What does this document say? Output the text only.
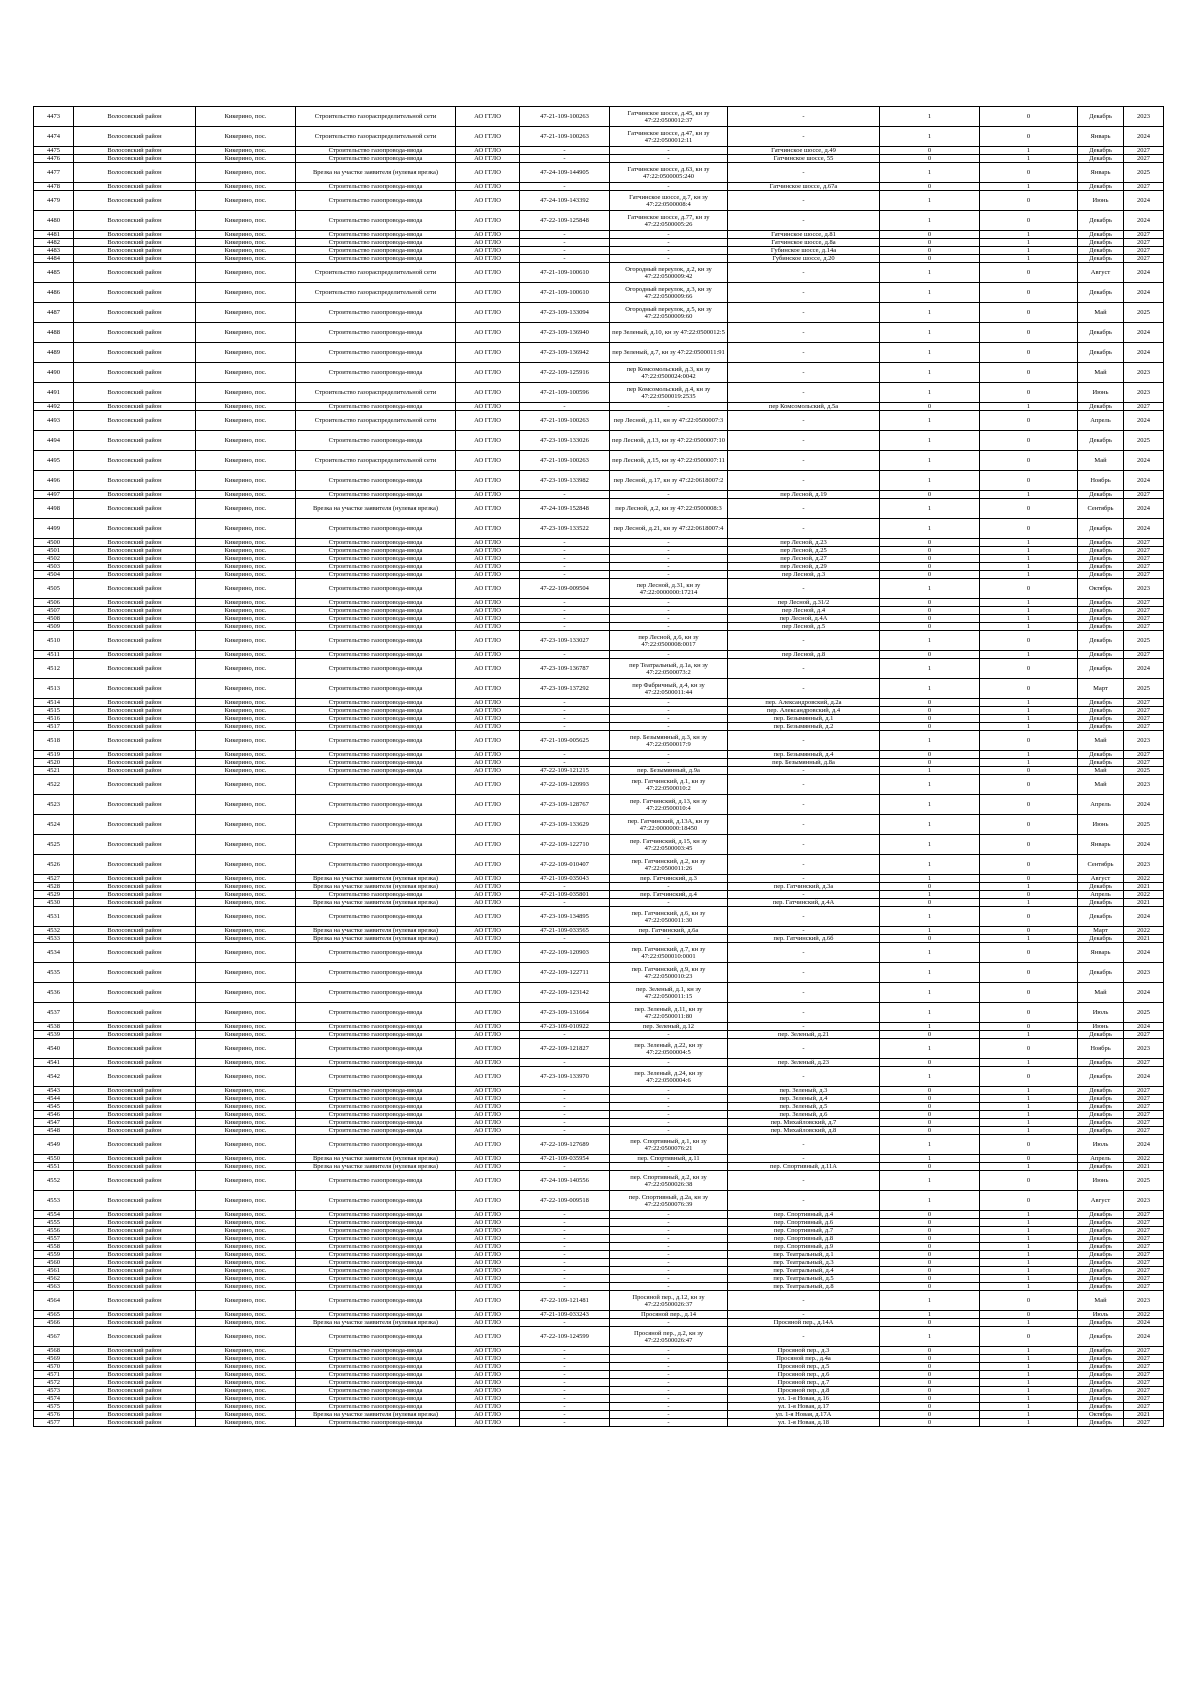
4473	Волосовский район	Кикерино, пос.	Строительство газораспределительной сети	АО ГГЛО	47-21-109-100263	Гатчинское шоссе, д.45, кн зу 47:22:0500012:37	-	1	0	Декабрь	2023
4474	Волосовский район	Кикерино, пос.	Строительство газораспределительной сети	АО ГГЛО	47-21-109-100263	Гатчинское шоссе, д.47, кн зу 47:22:0500012:11	-	1	0	Январь	2024
4475	Волосовский район	Кикерино, пос.	Строительство газопровода-ввода	АО ГГЛО	-	-	Гатчинское шоссе, д.49	0	1	Декабрь	2027
4476	Волосовский район	Кикерино, пос.	Строительство газопровода-ввода	АО ГГЛО	-	-	Гатчинское шоссе, 55	0	1	Декабрь	2027
4477	Волосовский район	Кикерино, пос.	Врезка на участке заявителя (нулевая врезка)	АО ГГЛО	47-24-109-144905	Гатчинское шоссе, д.63, кн зу 47:22:0500005:240	-	1	0	Январь	2025
4478	Волосовский район	Кикерино, пос.	Строительство газопровода-ввода	АО ГГЛО	-	-	Гатчинское шоссе, д.67а	0	1	Декабрь	2027
4479	Волосовский район	Кикерино, пос.	Строительство газопровода-ввода	АО ГГЛО	47-24-109-143392	Гатчинское шоссе, д.7, кн зу 47:22:0500008:4	-	1	0	Июнь	2024
4480	Волосовский район	Кикерино, пос.	Строительство газопровода-ввода	АО ГГЛО	47-22-109-125848	Гатчинское шоссе, д.77, кн зу 47:22:0500005:26	-	1	0	Декабрь	2024
4481	Волосовский район	Кикерино, пос.	Строительство газопровода-ввода	АО ГГЛО	-	-	Гатчинское шоссе, д.81	0	1	Декабрь	2027
4482	Волосовский район	Кикерино, пос.	Строительство газопровода-ввода	АО ГГЛО	-	-	Гатчинское шоссе, д.8а	0	1	Декабрь	2027
4483	Волосовский район	Кикерино, пос.	Строительство газопровода-ввода	АО ГГЛО	-	-	Губинское шоссе, д.14а	0	1	Декабрь	2027
4484	Волосовский район	Кикерино, пос.	Строительство газопровода-ввода	АО ГГЛО	-	-	Губинское шоссе, д.20	0	1	Декабрь	2027
4485	Волосовский район	Кикерино, пос.	Строительство газораспределительной сети	АО ГГЛО	47-21-109-100610	Огородный переулок, д.2, кн зу 47:22:0500009:42	-	1	0	Август	2024
4486	Волосовский район	Кикерино, пос.	Строительство газораспределительной сети	АО ГГЛО	47-21-109-100610	Огородный переулок, д.3, кн зу 47:22:0500009:66	-	1	0	Декабрь	2024
4487	Волосовский район	Кикерино, пос.	Строительство газопровода-ввода	АО ГГЛО	47-23-109-133094	Огородный переулок, д.5, кн зу 47:22:0500009:60	-	1	0	Май	2025
4488	Волосовский район	Кикерино, пос.	Строительство газопровода-ввода	АО ГГЛО	47-23-109-136940	пер Зеленый, д.10, кн зу 47:22:0500012:5	-	1	0	Декабрь	2024
4489	Волосовский район	Кикерино, пос.	Строительство газопровода-ввода	АО ГГЛО	47-23-109-136942	пер Зеленый, д.7, кн зу 47:22:0500011:91	-	1	0	Декабрь	2024
4490	Волосовский район	Кикерино, пос.	Строительство газопровода-ввода	АО ГГЛО	47-22-109-125916	пер Комсомольский, д.3, кн зу 47:22:0500024:0042	-	1	0	Май	2023
4491	Волосовский район	Кикерино, пос.	Строительство газораспределительной сети	АО ГГЛО	47-21-109-100596	пер Комсомольский, д.4, кн зу 47:22:0500019:2535	-	1	0	Июнь	2023
4492	Волосовский район	Кикерино, пос.	Строительство газопровода-ввода	АО ГГЛО	-	-	пер Комсомольский, д.5а	0	1	Декабрь	2027
4493	Волосовский район	Кикерино, пос.	Строительство газораспределительной сети	АО ГГЛО	47-21-109-100263	пер Лесной, д.11, кн зу 47:22:0500007:3	-	1	0	Апрель	2024
4494	Волосовский район	Кикерино, пос.	Строительство газопровода-ввода	АО ГГЛО	47-23-109-133026	пер Лесной, д.13, кн зу 47:22:0500007:10	-	1	0	Декабрь	2025
4495	Волосовский район	Кикерино, пос.	Строительство газораспределительной сети	АО ГГЛО	47-21-109-100263	пер Лесной, д.15, кн зу 47:22:0500007:11	-	1	0	Май	2024
4496	Волосовский район	Кикерино, пос.	Строительство газопровода-ввода	АО ГГЛО	47-23-109-133982	пер Лесной, д.17, кн зу 47:22:0618007:2	-	1	0	Ноябрь	2024
4497	Волосовский район	Кикерино, пос.	Строительство газопровода-ввода	АО ГГЛО	-	-	пер Лесной, д.19	0	1	Декабрь	2027
4498	Волосовский район	Кикерино, пос.	Врезка на участке заявителя (нулевая врезка)	АО ГГЛО	47-24-109-152848	пер Лесной, д.2, кн зу 47:22:0500008:3	-	1	0	Сентябрь	2024
4499	Волосовский район	Кикерино, пос.	Строительство газопровода-ввода	АО ГГЛО	47-23-109-133522	пер Лесной, д.21, кн зу 47:22:0618007:4	-	1	0	Декабрь	2024
4500	Волосовский район	Кикерино, пос.	Строительство газопровода-ввода	АО ГГЛО	-	-	пер Лесной, д.23	0	1	Декабрь	2027
4501	Волосовский район	Кикерино, пос.	Строительство газопровода-ввода	АО ГГЛО	-	-	пер Лесной, д.25	0	1	Декабрь	2027
4502	Волосовский район	Кикерино, пос.	Строительство газопровода-ввода	АО ГГЛО	-	-	пер Лесной, д.27	0	1	Декабрь	2027
4503	Волосовский район	Кикерино, пос.	Строительство газопровода-ввода	АО ГГЛО	-	-	пер Лесной, д.29	0	1	Декабрь	2027
4504	Волосовский район	Кикерино, пос.	Строительство газопровода-ввода	АО ГГЛО	-	-	пер Лесной, д.3	0	1	Декабрь	2027
4505	Волосовский район	Кикерино, пос.	Строительство газопровода-ввода	АО ГГЛО	47-22-109-009504	пер Лесной, д.31, кн зу 47:22:0000000:17214	-	1	0	Октябрь	2023
4506	Волосовский район	Кикерино, пос.	Строительство газопровода-ввода	АО ГГЛО	-	-	пер Лесной, д.31/2	0	1	Декабрь	2027
4507	Волосовский район	Кикерино, пос.	Строительство газопровода-ввода	АО ГГЛО	-	-	пер Лесной, д.4	0	1	Декабрь	2027
4508	Волосовский район	Кикерино, пос.	Строительство газопровода-ввода	АО ГГЛО	-	-	пер Лесной, д.4А	0	1	Декабрь	2027
4509	Волосовский район	Кикерино, пос.	Строительство газопровода-ввода	АО ГГЛО	-	-	пер Лесной, д.5	0	1	Декабрь	2027
4510	Волосовский район	Кикерино, пос.	Строительство газопровода-ввода	АО ГГЛО	47-23-109-133027	пер Лесной, д.6, кн зу 47:22:0500008:0017	-	1	0	Декабрь	2025
4511	Волосовский район	Кикерино, пос.	Строительство газопровода-ввода	АО ГГЛО	-	-	пер Лесной, д.8	0	1	Декабрь	2027
4512	Волосовский район	Кикерино, пос.	Строительство газопровода-ввода	АО ГГЛО	47-23-109-136787	пер Театральный, д.1а, кн зу 47:22:0500073:2	-	1	0	Декабрь	2024
4513	Волосовский район	Кикерино, пос.	Строительство газопровода-ввода	АО ГГЛО	47-23-109-137292	пер Фабричный, д.4, кн зу 47:22:0500011:44	-	1	0	Март	2025
4514	Волосовский район	Кикерино, пос.	Строительство газопровода-ввода	АО ГГЛО	-	-	пер. Александровский, д.2а	0	1	Декабрь	2027
4515	Волосовский район	Кикерино, пос.	Строительство газопровода-ввода	АО ГГЛО	-	-	пер. Александровский, д.4	0	1	Декабрь	2027
4516	Волосовский район	Кикерино, пос.	Строительство газопровода-ввода	АО ГГЛО	-	-	пер. Безымянный, д.1	0	1	Декабрь	2027
4517	Волосовский район	Кикерино, пос.	Строительство газопровода-ввода	АО ГГЛО	-	-	пер. Безымянный, д.2	0	1	Декабрь	2027
4518	Волосовский район	Кикерино, пос.	Строительство газопровода-ввода	АО ГГЛО	47-21-109-005625	пер. Безымянный, д.3, кн зу 47:22:0500017:9	-	1	0	Май	2023
4519	Волосовский район	Кикерино, пос.	Строительство газопровода-ввода	АО ГГЛО	-	-	пер. Безымянный, д.4	0	1	Декабрь	2027
4520	Волосовский район	Кикерино, пос.	Строительство газопровода-ввода	АО ГГЛО	-	-	пер. Безымянный, д.8а	0	1	Декабрь	2027
4521	Волосовский район	Кикерино, пос.	Строительство газопровода-ввода	АО ГГЛО	47-22-109-121215	пер. Безымянный, д.9а	-	1	0	Май	2025
4522	Волосовский район	Кикерино, пос.	Строительство газопровода-ввода	АО ГГЛО	47-22-109-120993	пер. Гатчинский, д.1, кн зу 47:22:0500010:2	-	1	0	Май	2023
4523	Волосовский район	Кикерино, пос.	Строительство газопровода-ввода	АО ГГЛО	47-23-109-128767	пер. Гатчинский, д.13, кн зу 47:22:0500010:4	-	1	0	Апрель	2024
4524	Волосовский район	Кикерино, пос.	Строительство газопровода-ввода	АО ГГЛО	47-23-109-133629	пер. Гатчинский, д.13А, кн зу 47:22:0000000:18450	-	1	0	Июнь	2025
4525	Волосовский район	Кикерино, пос.	Строительство газопровода-ввода	АО ГГЛО	47-22-109-122710	пер. Гатчинский, д.15, кн зу 47:22:0500003:45	-	1	0	Январь	2024
4526	Волосовский район	Кикерино, пос.	Строительство газопровода-ввода	АО ГГЛО	47-22-109-010407	пер. Гатчинский, д.2, кн зу 47:22:0500011:26	-	1	0	Сентябрь	2023
4527	Волосовский район	Кикерино, пос.	Врезка на участке заявителя (нулевая врезка)	АО ГГЛО	47-21-109-035043	пер. Гатчинский, д.3	-	1	0	Август	2022
4528	Волосовский район	Кикерино, пос.	Врезка на участке заявителя (нулевая врезка)	АО ГГЛО	-	-	пер. Гатчинский, д.3а	0	1	Декабрь	2021
4529	Волосовский район	Кикерино, пос.	Строительство газопровода-ввода	АО ГГЛО	47-21-109-035801	пер. Гатчинский, д.4	-	1	0	Апрель	2022
4530	Волосовский район	Кикерино, пос.	Врезка на участке заявителя (нулевая врезка)	АО ГГЛО	-	-	пер. Гатчинский, д.4А	0	1	Декабрь	2021
4531	Волосовский район	Кикерино, пос.	Строительство газопровода-ввода	АО ГГЛО	47-23-109-134895	пер. Гатчинский, д.6, кн зу 47:22:0500011:30	-	1	0	Декабрь	2024
4532	Волосовский район	Кикерино, пос.	Врезка на участке заявителя (нулевая врезка)	АО ГГЛО	47-21-109-033565	пер. Гатчинский, д.6а	-	1	0	Март	2022
4533	Волосовский район	Кикерино, пос.	Врезка на участке заявителя (нулевая врезка)	АО ГГЛО	-	-	пер. Гатчинский, д.6б	0	1	Декабрь	2021
4534	Волосовский район	Кикерино, пос.	Строительство газопровода-ввода	АО ГГЛО	47-22-109-120903	пер. Гатчинский, д.7, кн зу 47:22:0500010:0001	-	1	0	Январь	2024
4535	Волосовский район	Кикерино, пос.	Строительство газопровода-ввода	АО ГГЛО	47-22-109-122711	пер. Гатчинский, д.9, кн зу 47:22:0500010:23	-	1	0	Декабрь	2023
4536	Волосовский район	Кикерино, пос.	Строительство газопровода-ввода	АО ГГЛО	47-22-109-123142	пер. Зеленый, д.1, кн зу 47:22:0500011:15	-	1	0	Май	2024
4537	Волосовский район	Кикерино, пос.	Строительство газопровода-ввода	АО ГГЛО	47-23-109-131664	пер. Зеленый, д.11, кн зу 47:22:0500011:80	-	1	0	Июль	2025
4538	Волосовский район	Кикерино, пос.	Строительство газопровода-ввода	АО ГГЛО	47-23-109-010922	пер. Зеленый, д.12	-	1	0	Июнь	2024
4539	Волосовский район	Кикерино, пос.	Строительство газопровода-ввода	АО ГГЛО	-	-	пер. Зеленый, д.21	0	1	Декабрь	2027
4540	Волосовский район	Кикерино, пос.	Строительство газопровода-ввода	АО ГГЛО	47-22-109-121827	пер. Зеленый, д.22, кн зу 47:22:0500004:5	-	1	0	Ноябрь	2023
4541	Волосовский район	Кикерино, пос.	Строительство газопровода-ввода	АО ГГЛО	-	-	пер. Зеленый, д.23	0	1	Декабрь	2027
4542	Волосовский район	Кикерино, пос.	Строительство газопровода-ввода	АО ГГЛО	47-23-109-133970	пер. Зеленый, д.24, кн зу 47:22:0500004:6	-	1	0	Декабрь	2024
4543	Волосовский район	Кикерино, пос.	Строительство газопровода-ввода	АО ГГЛО	-	-	пер. Зеленый, д.3	0	1	Декабрь	2027
4544	Волосовский район	Кикерино, пос.	Строительство газопровода-ввода	АО ГГЛО	-	-	пер. Зеленый, д.4	0	1	Декабрь	2027
4545	Волосовский район	Кикерино, пос.	Строительство газопровода-ввода	АО ГГЛО	-	-	пер. Зеленый, д.5	0	1	Декабрь	2027
4546	Волосовский район	Кикерино, пос.	Строительство газопровода-ввода	АО ГГЛО	-	-	пер. Зеленый, д.6	0	1	Декабрь	2027
4547	Волосовский район	Кикерино, пос.	Строительство газопровода-ввода	АО ГГЛО	-	-	пер. Михайловский, д.7	0	1	Декабрь	2027
4548	Волосовский район	Кикерино, пос.	Строительство газопровода-ввода	АО ГГЛО	-	-	пер. Михайловский, д.8	0	1	Декабрь	2027
4549	Волосовский район	Кикерино, пос.	Строительство газопровода-ввода	АО ГГЛО	47-22-109-127689	пер. Спортивный, д.1, кн зу 47:22:0500076:21	-	1	0	Июль	2024
4550	Волосовский район	Кикерино, пос.	Врезка на участке заявителя (нулевая врезка)	АО ГГЛО	47-21-109-035954	пер. Спортивный, д.11	-	1	0	Апрель	2022
4551	Волосовский район	Кикерино, пос.	Врезка на участке заявителя (нулевая врезка)	АО ГГЛО	-	-	пер. Спортивный, д.11А	0	1	Декабрь	2021
4552	Волосовский район	Кикерино, пос.	Строительство газопровода-ввода	АО ГГЛО	47-24-109-140556	пер. Спортивный, д.2, кн зу 47:22:0500026:38	-	1	0	Июнь	2025
4553	Волосовский район	Кикерино, пос.	Строительство газопровода-ввода	АО ГГЛО	47-22-109-009518	пер. Спортивный, д.2а, кн зу 47:22:0500076:39	-	1	0	Август	2023
4554	Волосовский район	Кикерино, пос.	Строительство газопровода-ввода	АО ГГЛО	-	-	пер. Спортивный, д.4	0	1	Декабрь	2027
4555	Волосовский район	Кикерино, пос.	Строительство газопровода-ввода	АО ГГЛО	-	-	пер. Спортивный, д.6	0	1	Декабрь	2027
4556	Волосовский район	Кикерино, пос.	Строительство газопровода-ввода	АО ГГЛО	-	-	пер. Спортивный, д.7	0	1	Декабрь	2027
4557	Волосовский район	Кикерино, пос.	Строительство газопровода-ввода	АО ГГЛО	-	-	пер. Спортивный, д.8	0	1	Декабрь	2027
4558	Волосовский район	Кикерино, пос.	Строительство газопровода-ввода	АО ГГЛО	-	-	пер. Спортивный, д.9	0	1	Декабрь	2027
4559	Волосовский район	Кикерино, пос.	Строительство газопровода-ввода	АО ГГЛО	-	-	пер. Театральный, д.1	0	1	Декабрь	2027
4560	Волосовский район	Кикерино, пос.	Строительство газопровода-ввода	АО ГГЛО	-	-	пер. Театральный, д.3	0	1	Декабрь	2027
4561	Волосовский район	Кикерино, пос.	Строительство газопровода-ввода	АО ГГЛО	-	-	пер. Театральный, д.4	0	1	Декабрь	2027
4562	Волосовский район	Кикерино, пос.	Строительство газопровода-ввода	АО ГГЛО	-	-	пер. Театральный, д.5	0	1	Декабрь	2027
4563	Волосовский район	Кикерино, пос.	Строительство газопровода-ввода	АО ГГЛО	-	-	пер. Театральный, д.8	0	1	Декабрь	2027
4564	Волосовский район	Кикерино, пос.	Строительство газопровода-ввода	АО ГГЛО	47-22-109-121481	Просяной пер., д.12, кн зу 47:22:0500026:37	-	1	0	Май	2023
4565	Волосовский район	Кикерино, пос.	Строительство газопровода-ввода	АО ГГЛО	47-21-109-033243	Просяной пер., д.14	-	1	0	Июль	2022
4566	Волосовский район	Кикерино, пос.	Врезка на участке заявителя (нулевая врезка)	АО ГГЛО	-	-	Просяной пер., д.14А	0	1	Декабрь	2024
4567	Волосовский район	Кикерино, пос.	Строительство газопровода-ввода	АО ГГЛО	47-22-109-124599	Просяной пер., д.2, кн зу 47:22:0500026:47	-	1	0	Декабрь	2024
4568	Волосовский район	Кикерино, пос.	Строительство газопровода-ввода	АО ГГЛО	-	-	Просяной пер., д.3	0	1	Декабрь	2027
4569	Волосовский район	Кикерино, пос.	Строительство газопровода-ввода	АО ГГЛО	-	-	Просяной пер., д.4а	0	1	Декабрь	2027
4570	Волосовский район	Кикерино, пос.	Строительство газопровода-ввода	АО ГГЛО	-	-	Просяной пер., д.5	0	1	Декабрь	2027
4571	Волосовский район	Кикерино, пос.	Строительство газопровода-ввода	АО ГГЛО	-	-	Просяной пер., д.6	0	1	Декабрь	2027
4572	Волосовский район	Кикерино, пос.	Строительство газопровода-ввода	АО ГГЛО	-	-	Просяной пер., д.7	0	1	Декабрь	2027
4573	Волосовский район	Кикерино, пос.	Строительство газопровода-ввода	АО ГГЛО	-	-	Просяной пер., д.8	0	1	Декабрь	2027
4574	Волосовский район	Кикерино, пос.	Строительство газопровода-ввода	АО ГГЛО	-	-	ул. 1-я Новая, д.16	0	1	Декабрь	2027
4575	Волосовский район	Кикерино, пос.	Строительство газопровода-ввода	АО ГГЛО	-	-	ул. 1-я Новая, д.17	0	1	Декабрь	2027
4576	Волосовский район	Кикерино, пос.	Врезка на участке заявителя (нулевая врезка)	АО ГГЛО	-	-	ул. 1-я Новая, д.17А	0	1	Октябрь	2021
4577	Волосовский район	Кикерино, пос.	Строительство газопровода-ввода	АО ГГЛО	-	-	ул. 1-я Новая, д.18	0	1	Декабрь	2027
